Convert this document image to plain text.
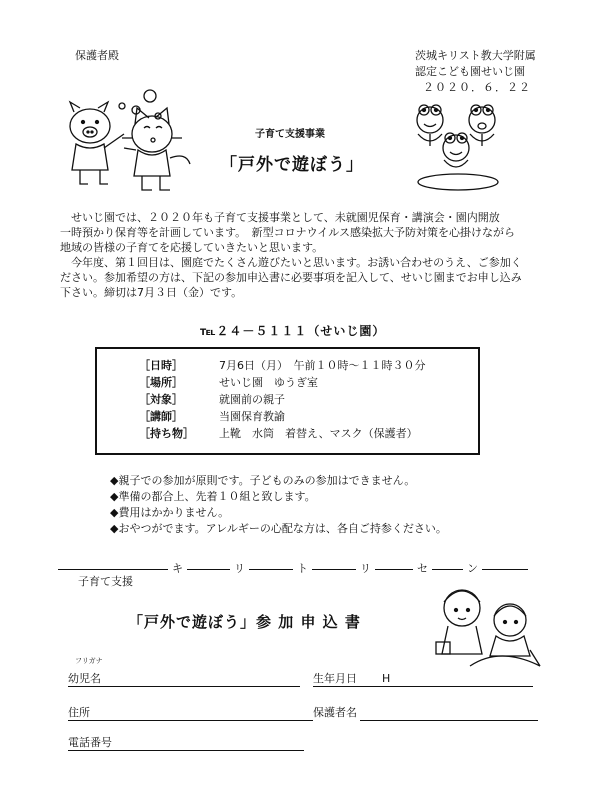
保護者殿	茨城キリスト教大学附属
認定こども園せいじ園
２０２０．６．２２
子育て支援事業
「戸外で遊ぼう」
せいじ園では、２０２０年も子育て支援事業として、未就園児保育・講演会・園内開放
一時預かり保育等を計画しています。　新型コロナウイルス感染拡大予防対策を心掛けながら
地域の皆様の子育てを応援していきたいと思います。
今年度、第１回目は、園庭でたくさん遊びたいと思います。お誘い合わせのうえ、ご参加く
ださい。参加希望の方は、下記の参加申込書に必要事項を記入して、せいじ園までお申し込み
下さい。締切は7月３日（金）です。
℡２４－５１１１（せいじ園）
［日時］	7月6日（月）　午前１０時～１１時３０分
［場所］	せいじ園　ゆうぎ室
［対象］	就園前の親子
［講師］	当園保育教諭
［持ち物］ 上靴　水筒　着替え、マスク（保護者）
◆親子での参加が原則です。子どものみの参加はできません。
◆準備の都合上、先着１０組と致します。
◆費用はかかりません。
◆おやつがでます。アレルギーの心配な方は、各自ご持参ください。
キ	リ	ト	リ	セ	ン
子育て支援
「戸外で遊ぼう」参 加 申 込 書
フリガナ
幼児名	生年月日 H
住所	保護者名
電話番号
